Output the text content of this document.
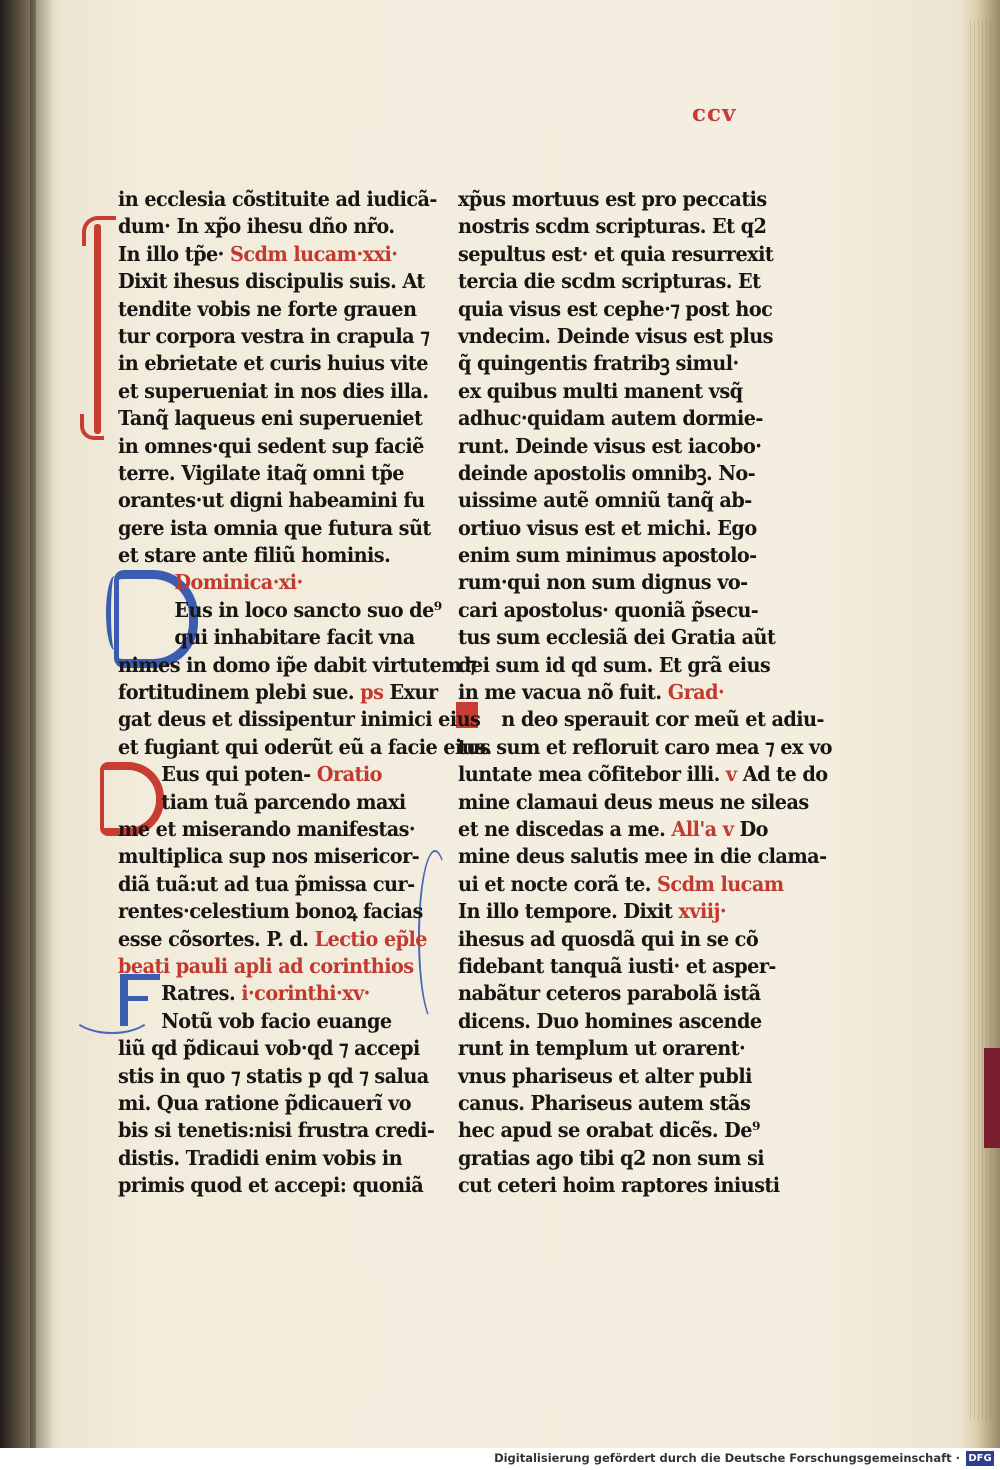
ccv
in ecclesia cõstituite ad iudicã-
dum· In xp̃o ihesu dño nr̃o.
In illo tp̃e· Scdm lucam·xxi·
Dixit ihesus discipulis suis. At
tendite vobis ne forte grauen
tur corpora vestra in crapula ⁊
in ebrietate et curis huius vite
et superueniat in nos dies illa.
Tanq̃ laqueus eni superueniet
in omnes·qui sedent sup faciẽ
terre. Vigilate itaq̃ omni tp̃e
orantes·ut digni habeamini fu
gere ista omnia que futura sũt
et stare ante filiũ hominis.
Dominica·xi·
Eus in loco sancto suo de⁹
qui inhabitare facit vna
nimes in domo ip̃e dabit virtutem ⁊
fortitudinem plebi sue. ps Exur
gat deus et dissipentur inimici eius
et fugiant qui oderũt eũ a facie eius.
Eus qui poten- Oratio
tiam tuã parcendo maxi
me et miserando manifestas·
multiplica sup nos misericor-
diã tuã:ut ad tua p̃missa cur-
rentes·celestium bonoꝝ facias
esse cõsortes. P. d. Lectio ep̃le
beati pauli apli ad corinthios
Ratres. i·corinthi·xv·
Notũ vob facio euange
liũ qd p̃dicaui vob·qd ⁊ accepi
stis in quo ⁊ statis p qd ⁊ salua
mi. Qua ratione p̃dicauerĩ vo
bis si tenetis:nisi frustra credi-
distis. Tradidi enim vobis in
primis quod et accepi: quoniã
xp̃us mortuus est pro peccatis
nostris scdm scripturas. Et q2
sepultus est· et quia resurrexit
tercia die scdm scripturas. Et
quia visus est cephe·⁊ post hoc
vndecim. Deinde visus est plus
q̃ quingentis fratribꝫ simul·
ex quibus multi manent vsq̃
adhuc·quidam autem dormie-
runt. Deinde visus est iacobo·
deinde apostolis omnibꝫ. No-
uissime autẽ omniũ tanq̃ ab-
ortiuo visus est et michi. Ego
enim sum minimus apostolo-
rum·qui non sum dignus vo-
cari apostolus· quoniã p̃secu-
tus sum ecclesiã dei Gratia aũt
dei sum id qd sum. Et grã eius
in me vacua nõ fuit. Grad·
n deo sperauit cor meũ et adiu-
tus sum et refloruit caro mea ⁊ ex vo
luntate mea cõfitebor illi. v Ad te do
mine clamaui deus meus ne sileas
et ne discedas a me. All'a v Do
mine deus salutis mee in die clama-
ui et nocte corã te. Scdm lucam
In illo tempore. Dixit xviij·
ihesus ad quosdã qui in se cõ
fidebant tanquã iusti· et asper-
nabãtur ceteros parabolã istã
dicens. Duo homines ascende
runt in templum ut orarent·
vnus phariseus et alter publi
canus. Phariseus autem stãs
hec apud se orabat dicẽs. De⁹
gratias ago tibi q2 non sum si
cut ceteri hoim raptores iniusti
Digitalisierung gefördert durch die Deutsche Forschungsgemeinschaft · DFG
